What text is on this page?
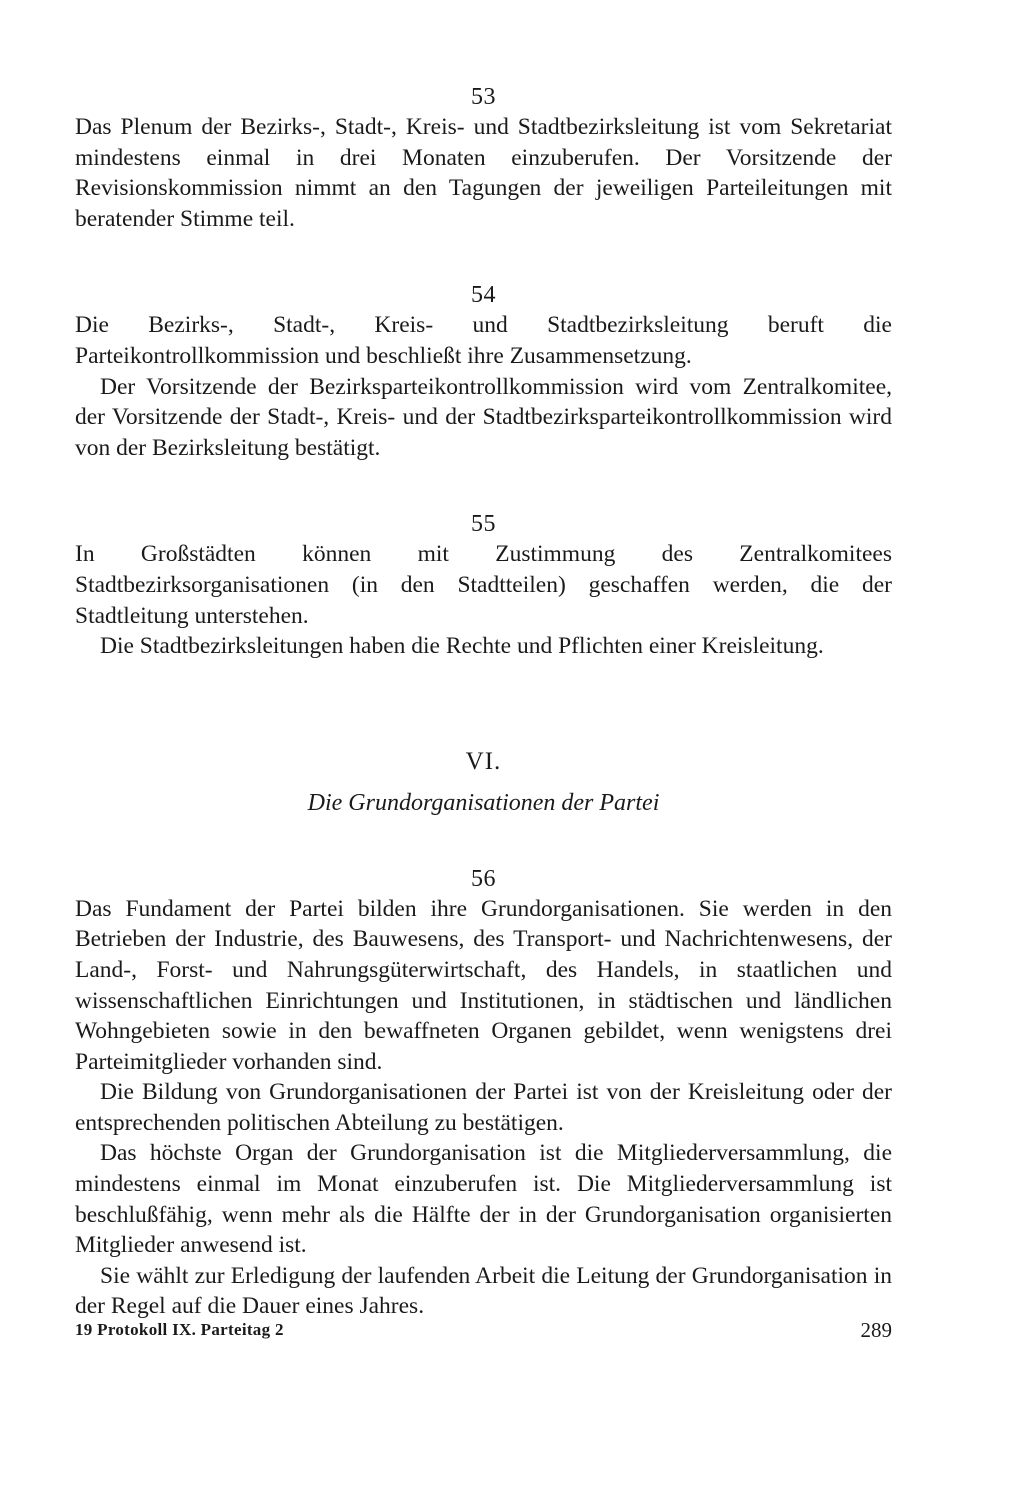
53

Das Plenum der Bezirks-, Stadt-, Kreis- und Stadtbezirksleitung ist vom Sekretariat mindestens einmal in drei Monaten einzuberufen. Der Vorsitzende der Revisionskommission nimmt an den Tagungen der jeweiligen Parteileitungen mit beratender Stimme teil.

54

Die Bezirks-, Stadt-, Kreis- und Stadtbezirksleitung beruft die Parteikontrollkommission und beschließt ihre Zusammensetzung.

Der Vorsitzende der Bezirksparteikontrollkommission wird vom Zentralkomitee, der Vorsitzende der Stadt-, Kreis- und der Stadtbezirksparteikontrollkommission wird von der Bezirksleitung bestätigt.

55

In Großstädten können mit Zustimmung des Zentralkomitees Stadtbezirksorganisationen (in den Stadtteilen) geschaffen werden, die der Stadtleitung unterstehen.

Die Stadtbezirksleitungen haben die Rechte und Pflichten einer Kreisleitung.

VI.

Die Grundorganisationen der Partei

56

Das Fundament der Partei bilden ihre Grundorganisationen. Sie werden in den Betrieben der Industrie, des Bauwesens, des Transport- und Nachrichtenwesens, der Land-, Forst- und Nahrungsgüterwirtschaft, des Handels, in staatlichen und wissenschaftlichen Einrichtungen und Institutionen, in städtischen und ländlichen Wohngebieten sowie in den bewaffneten Organen gebildet, wenn wenigstens drei Parteimitglieder vorhanden sind.

Die Bildung von Grundorganisationen der Partei ist von der Kreisleitung oder der entsprechenden politischen Abteilung zu bestätigen.

Das höchste Organ der Grundorganisation ist die Mitgliederversammlung, die mindestens einmal im Monat einzuberufen ist. Die Mitgliederversammlung ist beschlußfähig, wenn mehr als die Hälfte der in der Grundorganisation organisierten Mitglieder anwesend ist.

Sie wählt zur Erledigung der laufenden Arbeit die Leitung der Grundorganisation in der Regel auf die Dauer eines Jahres.

19 Protokoll IX. Parteitag 2	289
